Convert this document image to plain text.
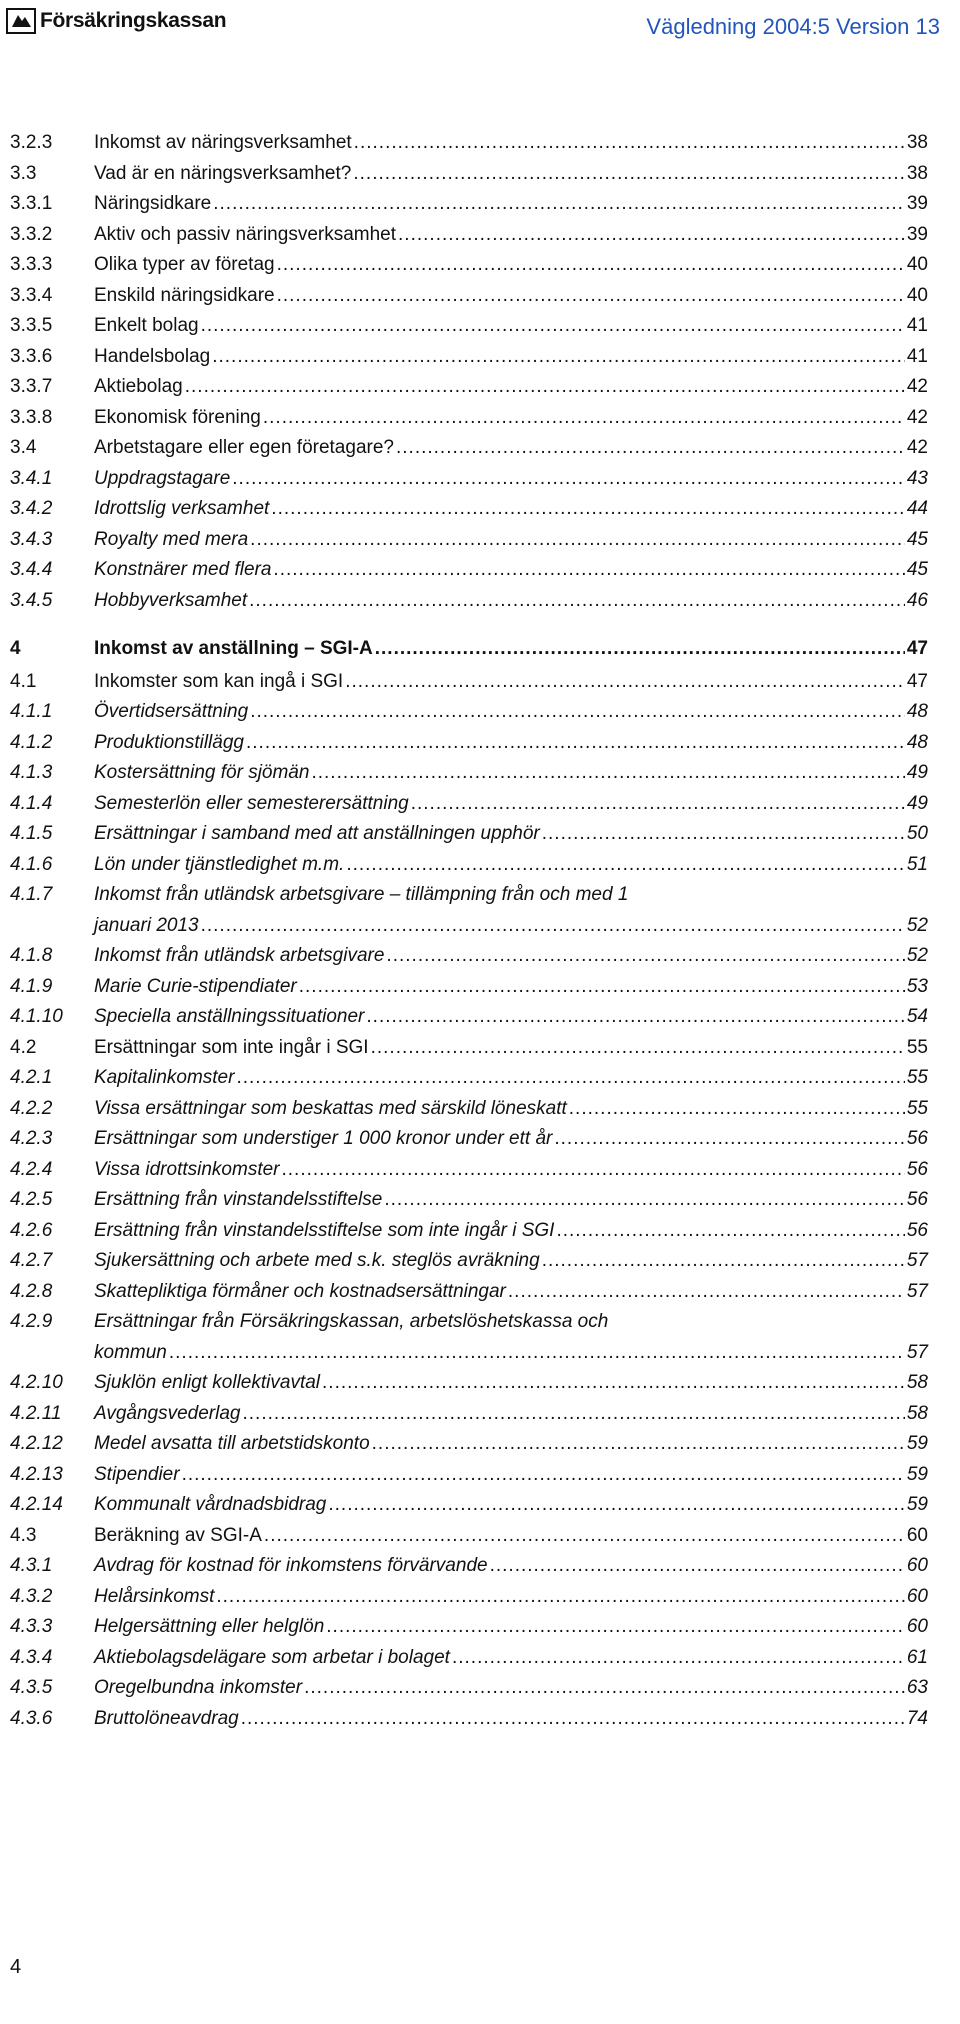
Försäkringskassan	Vägledning 2004:5 Version 13
3.2.3	Inkomst av näringsverksamhet .....	38
3.3	Vad är en näringsverksamhet? .....	38
3.3.1	Näringsidkare .....	39
3.3.2	Aktiv och passiv näringsverksamhet .....	39
3.3.3	Olika typer av företag .....	40
3.3.4	Enskild näringsidkare .....	40
3.3.5	Enkelt bolag .....	41
3.3.6	Handelsbolag .....	41
3.3.7	Aktiebolag .....	42
3.3.8	Ekonomisk förening .....	42
3.4	Arbetstagare eller egen företagare? .....	42
3.4.1	Uppdragstagare .....	43
3.4.2	Idrottslig verksamhet .....	44
3.4.3	Royalty med mera .....	45
3.4.4	Konstnärer med flera .....	45
3.4.5	Hobbyverksamhet .....	46
4	Inkomst av anställning – SGI-A .....	47
4.1	Inkomster som kan ingå i SGI .....	47
4.1.1	Övertidsersättning .....	48
4.1.2	Produktionstillägg .....	48
4.1.3	Kostersättning för sjömän .....	49
4.1.4	Semesterlön eller semesterersättning .....	49
4.1.5	Ersättningar i samband med att anställningen upphör .....	50
4.1.6	Lön under tjänstledighet m.m. .....	51
4.1.7 Inkomst från utländsk arbetsgivare – tillämpning från och med 1
januari 2013 .....	52
4.1.8	Inkomst från utländsk arbetsgivare .....	52
4.1.9	Marie Curie-stipendiater .....	53
4.1.10	Speciella anställningssituationer .....	54
4.2	Ersättningar som inte ingår i SGI .....	55
4.2.1	Kapitalinkomster .....	55
4.2.2	Vissa ersättningar som beskattas med särskild löneskatt .....	55
4.2.3	Ersättningar som understiger 1 000 kronor under ett år .....	56
4.2.4	Vissa idrottsinkomster .....	56
4.2.5	Ersättning från vinstandelsstiftelse .....	56
4.2.6	Ersättning från vinstandelsstiftelse som inte ingår i SGI .....	56
4.2.7	Sjukersättning och arbete med s.k. steglös avräkning .....	57
4.2.8	Skattepliktiga förmåner och kostnadsersättningar .....	57
4.2.9 Ersättningar från Försäkringskassan, arbetslöshetskassa och
kommun .....	57
4.2.10	Sjuklön enligt kollektivavtal .....	58
4.2.11	Avgångsvederlag .....	58
4.2.12	Medel avsatta till arbetstidskonto .....	59
4.2.13	Stipendier .....	59
4.2.14	Kommunalt vårdnadsbidrag .....	59
4.3	Beräkning av SGI-A .....	60
4.3.1	Avdrag för kostnad för inkomstens förvärvande .....	60
4.3.2	Helårsinkomst .....	60
4.3.3	Helgersättning eller helglön .....	60
4.3.4	Aktiebolagsdelägare som arbetar i bolaget .....	61
4.3.5	Oregelbundna inkomster .....	63
4.3.6	Bruttolöneavdrag .....	74
4
